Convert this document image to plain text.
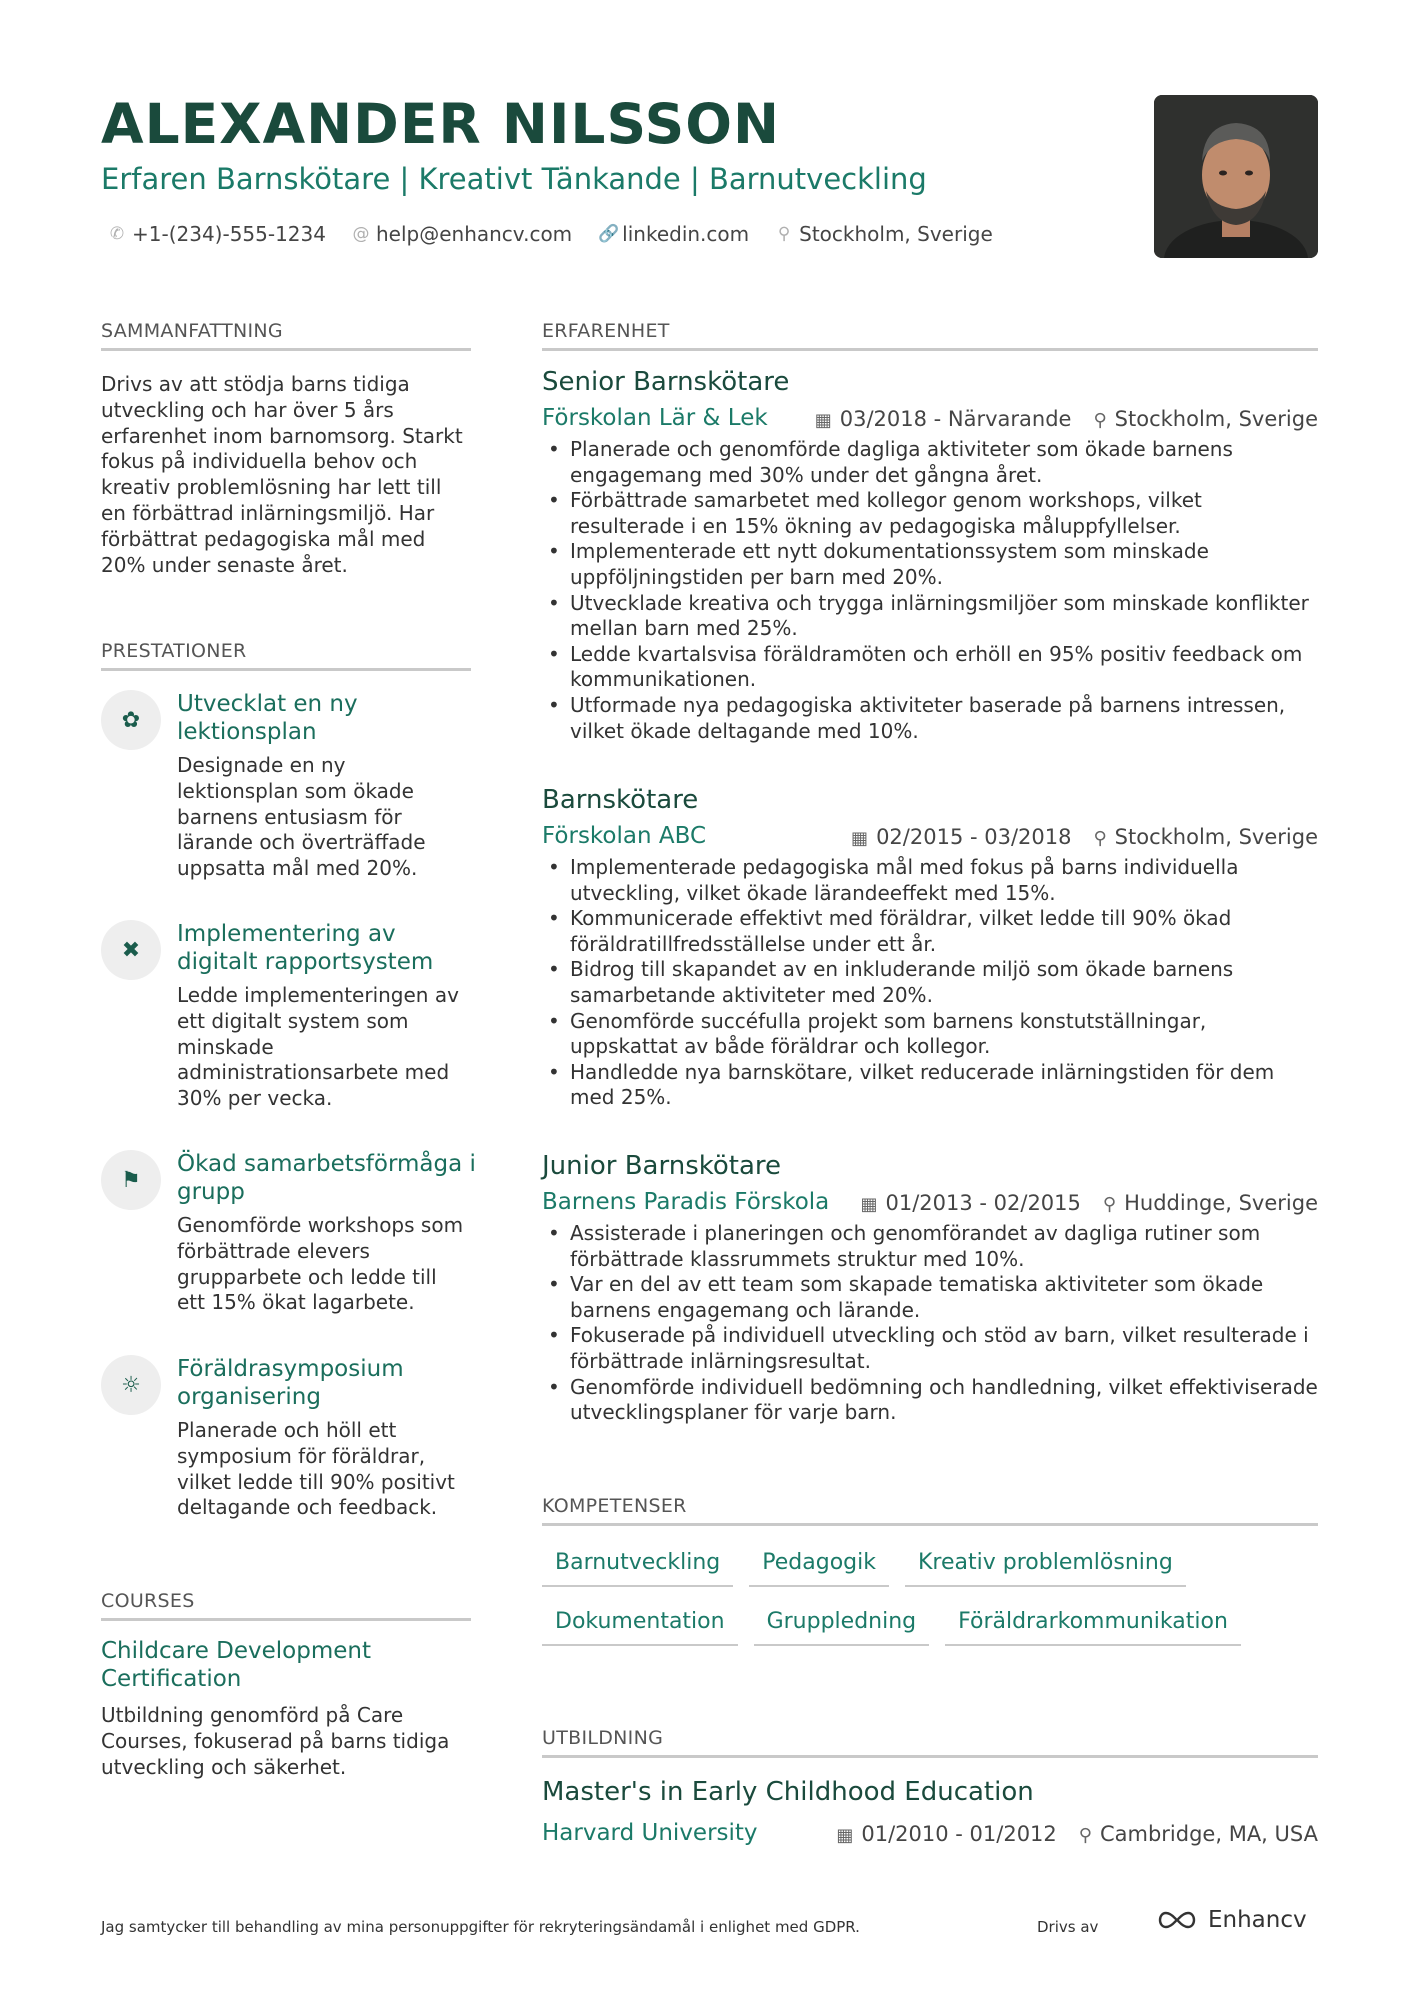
ALEXANDER NILSSON
Erfaren Barnskötare | Kreativt Tänkande | Barnutveckling
✆ +1-(234)-555-1234 @ help@enhancv.com 🔗 linkedin.com ⚲ Stockholm, Sverige
SAMMANFATTNING
Drivs av att stödja barns tidiga utveckling och har över 5 års erfarenhet inom barnomsorg. Starkt fokus på individuella behov och kreativ problemlösning har lett till en förbättrad inlärningsmiljö. Har förbättrat pedagogiska mål med 20% under senaste året.
PRESTATIONER
✿
Utvecklat en ny lektionsplan
Designade en ny lektionsplan som ökade barnens entusiasm för lärande och överträffade uppsatta mål med 20%.
✖
Implementering av digitalt rapportsystem
Ledde implementeringen av ett digitalt system som minskade administrationsarbete med 30% per vecka.
⚑
Ökad samarbetsförmåga i grupp
Genomförde workshops som förbättrade elevers grupparbete och ledde till ett 15% ökat lagarbete.
☼
Föräldrasymposium organisering
Planerade och höll ett symposium för föräldrar, vilket ledde till 90% positivt deltagande och feedback.
COURSES
Childcare Development Certification
Utbildning genomförd på Care Courses, fokuserad på barns tidiga utveckling och säkerhet.
ERFARENHET
Senior Barnskötare
Förskolan Lär & Lek	▦ 03/2018 - Närvarande ⚲ Stockholm, Sverige
• Planerade och genomförde dagliga aktiviteter som ökade barnens engagemang med 30% under det gångna året.
• Förbättrade samarbetet med kollegor genom workshops, vilket resulterade i en 15% ökning av pedagogiska måluppfyllelser.
• Implementerade ett nytt dokumentationssystem som minskade uppföljningstiden per barn med 20%.
• Utvecklade kreativa och trygga inlärningsmiljöer som minskade konflikter mellan barn med 25%.
• Ledde kvartalsvisa föräldramöten och erhöll en 95% positiv feedback om kommunikationen.
• Utformade nya pedagogiska aktiviteter baserade på barnens intressen, vilket ökade deltagande med 10%.
Barnskötare
Förskolan ABC	▦ 02/2015 - 03/2018 ⚲ Stockholm, Sverige
• Implementerade pedagogiska mål med fokus på barns individuella utveckling, vilket ökade lärandeeffekt med 15%.
• Kommunicerade effektivt med föräldrar, vilket ledde till 90% ökad föräldratillfredsställelse under ett år.
• Bidrog till skapandet av en inkluderande miljö som ökade barnens samarbetande aktiviteter med 20%.
• Genomförde succéfulla projekt som barnens konstutställningar, uppskattat av både föräldrar och kollegor.
• Handledde nya barnskötare, vilket reducerade inlärningstiden för dem med 25%.
Junior Barnskötare
Barnens Paradis Förskola ▦ 01/2013 - 02/2015 ⚲ Huddinge, Sverige
• Assisterade i planeringen och genomförandet av dagliga rutiner som förbättrade klassrummets struktur med 10%.
• Var en del av ett team som skapade tematiska aktiviteter som ökade barnens engagemang och lärande.
• Fokuserade på individuell utveckling och stöd av barn, vilket resulterade i förbättrade inlärningsresultat.
• Genomförde individuell bedömning och handledning, vilket effektiviserade utvecklingsplaner för varje barn.
KOMPETENSER
Barnutveckling	Pedagogik	Kreativ problemlösning
Dokumentation	Gruppledning	Föräldrarkommunikation
UTBILDNING
Master's in Early Childhood Education
Harvard University	▦ 01/2010 - 01/2012 ⚲ Cambridge, MA, USA
Jag samtycker till behandling av mina personuppgifter för rekryteringsändamål i enlighet med GDPR.	Drivs av	Enhancv
